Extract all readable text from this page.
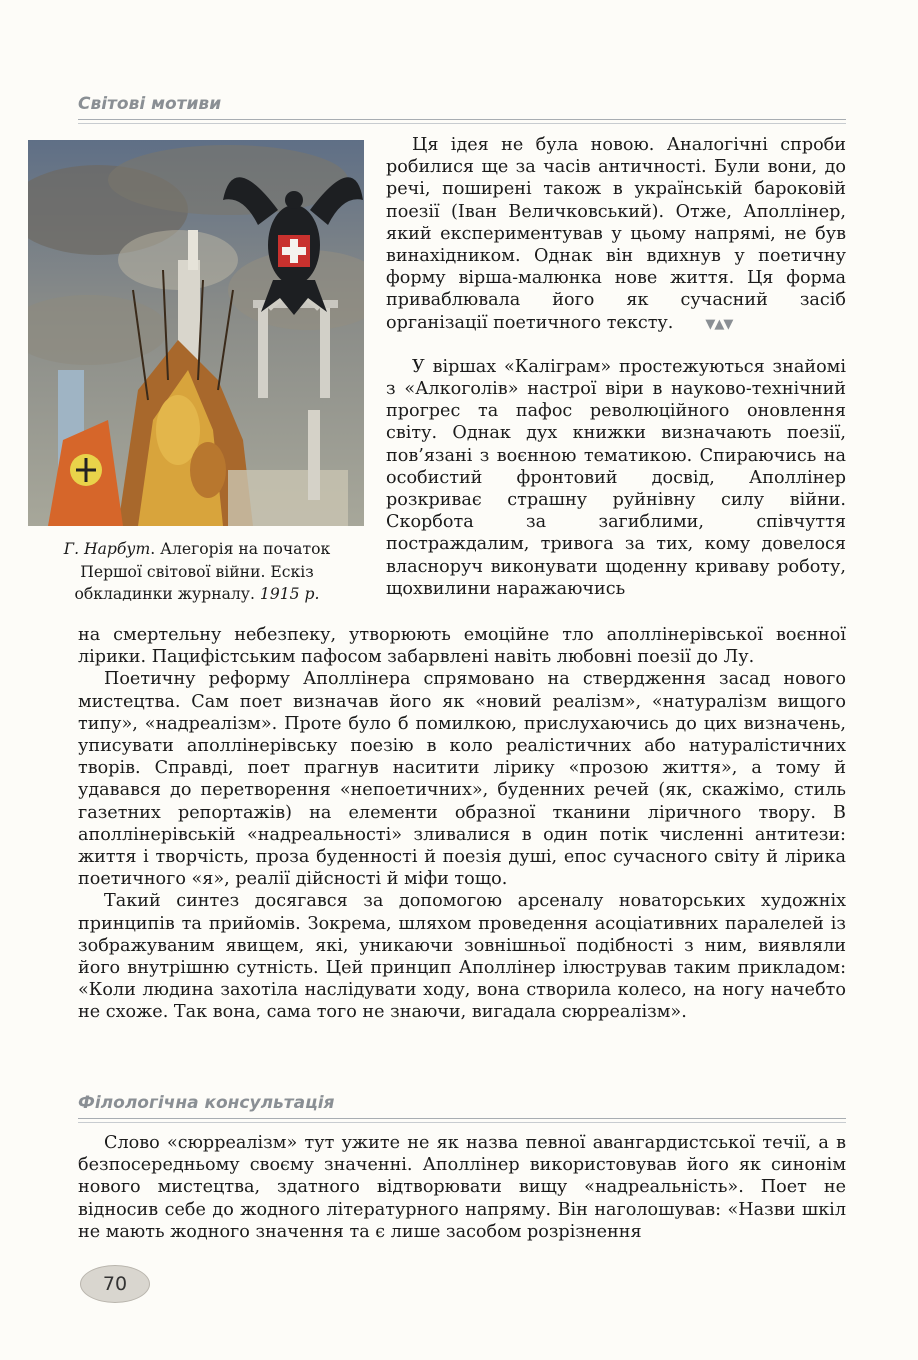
Світові мотиви
Г. Нарбут. Алегорія на початок Першої світової війни. Ескіз обкладинки журналу. 1915 р.

Ця ідея не була новою. Аналогічні спроби робилися ще за часів античності. Були вони, до речі, поширені також в українській бароковій поезії (Іван Величковський). Отже, Аполлінер, який експериментував у цьому напрямі, не був винахідником. Однак він вдихнув у поетичну форму вірша-малюнка нове життя. Ця форма приваблювала його як сучасний засіб організації поетичного тексту. ▼▲▼

У віршах «Каліграм» простежуються знайомі з «Алкоголів» настрої віри в науково-технічний прогрес та пафос революційного оновлення світу. Однак дух книжки визначають поезії, пов’язані з воєнною тематикою. Спираючись на особистий фронтовий досвід, Аполлінер розкриває страшну руйнівну силу війни. Скорбота за загиблими, співчуття постраждалим, тривога за тих, кому довелося власноруч виконувати щоденну криваву роботу, щохвилини наражаючись

на смертельну небезпеку, утворюють емоційне тло аполлінерівської воєнної лірики. Пацифістським пафосом забарвлені навіть любовні поезії до Лу.

Поетичну реформу Аполлінера спрямовано на ствердження засад нового мистецтва. Сам поет визначав його як «новий реалізм», «натуралізм вищого типу», «надреалізм». Проте було б помилкою, прислухаючись до цих визначень, уписувати аполлінерівську поезію в коло реалістичних або натуралістичних творів. Справді, поет прагнув наситити лірику «прозою життя», а тому й удавався до перетворення «непоетичних», буденних речей (як, скажімо, стиль газетних репортажів) на елементи образної тканини ліричного твору. В аполлінерівській «надреальності» зливалися в один потік численні антитези: життя і творчість, проза буденності й поезія душі, епос сучасного світу й лірика поетичного «я», реалії дійсності й міфи тощо.

Такий синтез досягався за допомогою арсеналу новаторських художніх принципів та прийомів. Зокрема, шляхом проведення асоціативних паралелей із зображуваним явищем, які, уникаючи зовнішньої подібності з ним, виявляли його внутрішню сутність. Цей принцип Аполлінер ілюстрував таким прикладом: «Коли людина захотіла наслідувати ходу, вона створила колесо, на ногу начебто не схоже. Так вона, сама того не знаючи, вигадала сюрреалізм».

Філологічна консультація

Слово «сюрреалізм» тут ужите не як назва певної авангардистської течії, а в безпосередньому своєму значенні. Аполлінер використовував його як синонім нового мистецтва, здатного відтворювати вищу «надреальність». Поет не відносив себе до жодного літературного напряму. Він наголошував: «Назви шкіл не мають жодного значення та є лише засобом розрізнення

70
